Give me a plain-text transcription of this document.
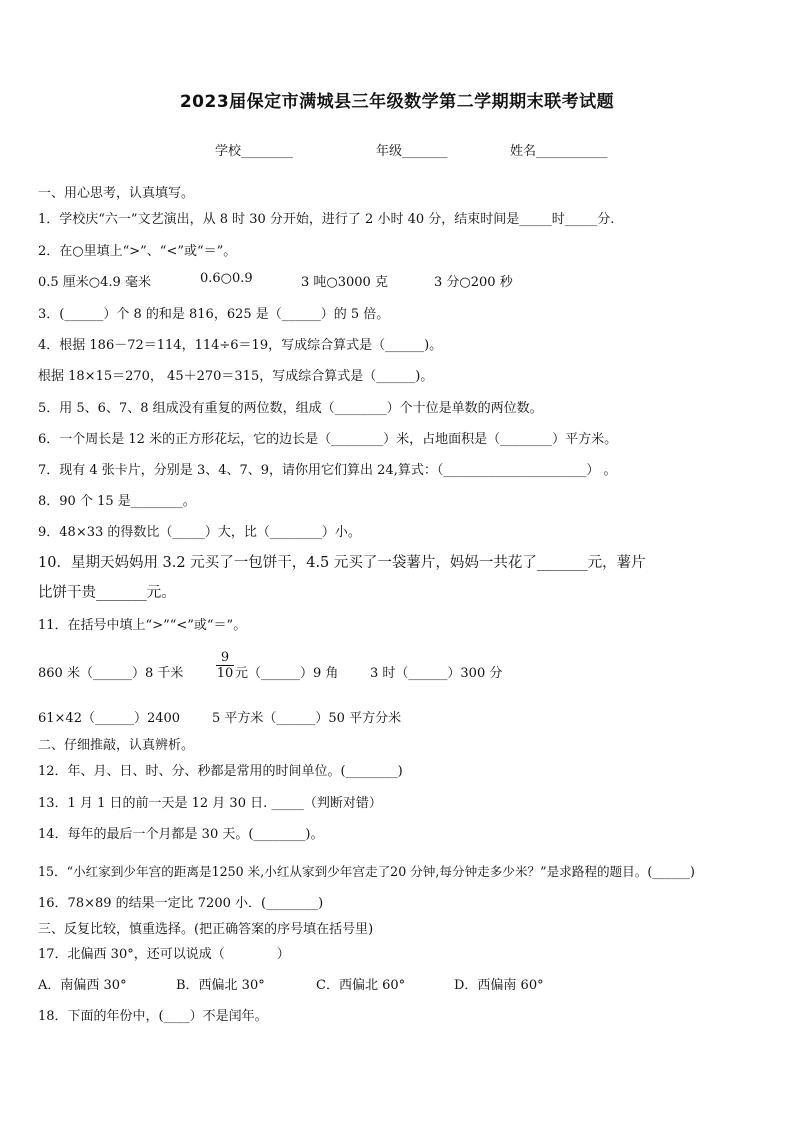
2023届保定市满城县三年级数学第二学期期末联考试题
学校________	年级_______	姓名___________
一、用心思考，认真填写。
1．学校庆“六一”文艺演出，从 8 时 30 分开始，进行了 2 小时 40 分，结束时间是_____时_____分.
2．在○里填上“>”、“<”或“＝”。
0.5 厘米○4.9 毫米	0.6○0.9	3 吨○3000 克	3 分○200 秒
3．(______）个 8 的和是 816，625 是（______）的 5 倍。
4．根据 186－72＝114，114÷6＝19，写成综合算式是（______)。
根据 18×15＝270， 45＋270＝315，写成综合算式是（______)。
5．用 5、6、7、8 组成没有重复的两位数，组成（________）个十位是单数的两位数。
6．一个周长是 12 米的正方形花坛，它的边长是（________）米，占地面积是（________）平方米。
7．现有 4 张卡片，分别是 3、4、7、9，请你用它们算出 24,算式：（______________________） 。
8．90 个 15 是________。
9．48×33 的得数比（_____）大，比（________）小。
10．星期天妈妈用 3.2 元买了一包饼干，4.5 元买了一袋薯片，妈妈一共花了_______元，薯片
比饼干贵_______元。
11．在括号中填上“>”“<”或“＝”。
860 米（______）8 千米	$\frac{9}{10}$ 元（______）9 角 3 时（______）300 分
61×42（______）2400 5 平方米（______）50 平方分米
二、仔细推敲，认真辨析。
12．年、月、日、时、分、秒都是常用的时间单位。(________)
13．1 月 1 日的前一天是 12 月 30 日. _____（判断对错）
14．每年的最后一个月都是 30 天。(________)。
15．“小红家到少年宫的距离是1250 米,小红从家到少年宫走了20 分钟,每分钟走多少米？”是求路程的题目。(______)
16．78×89 的结果一定比 7200 小．(________)
三、反复比较，慎重选择。(把正确答案的序号填在括号里)
17．北偏西 30°，还可以说成（　　　　）
A．南偏西 30°	B．西偏北 30°	C．西偏北 60°	D．西偏南 60°
18．下面的年份中，(____）不是闰年。
